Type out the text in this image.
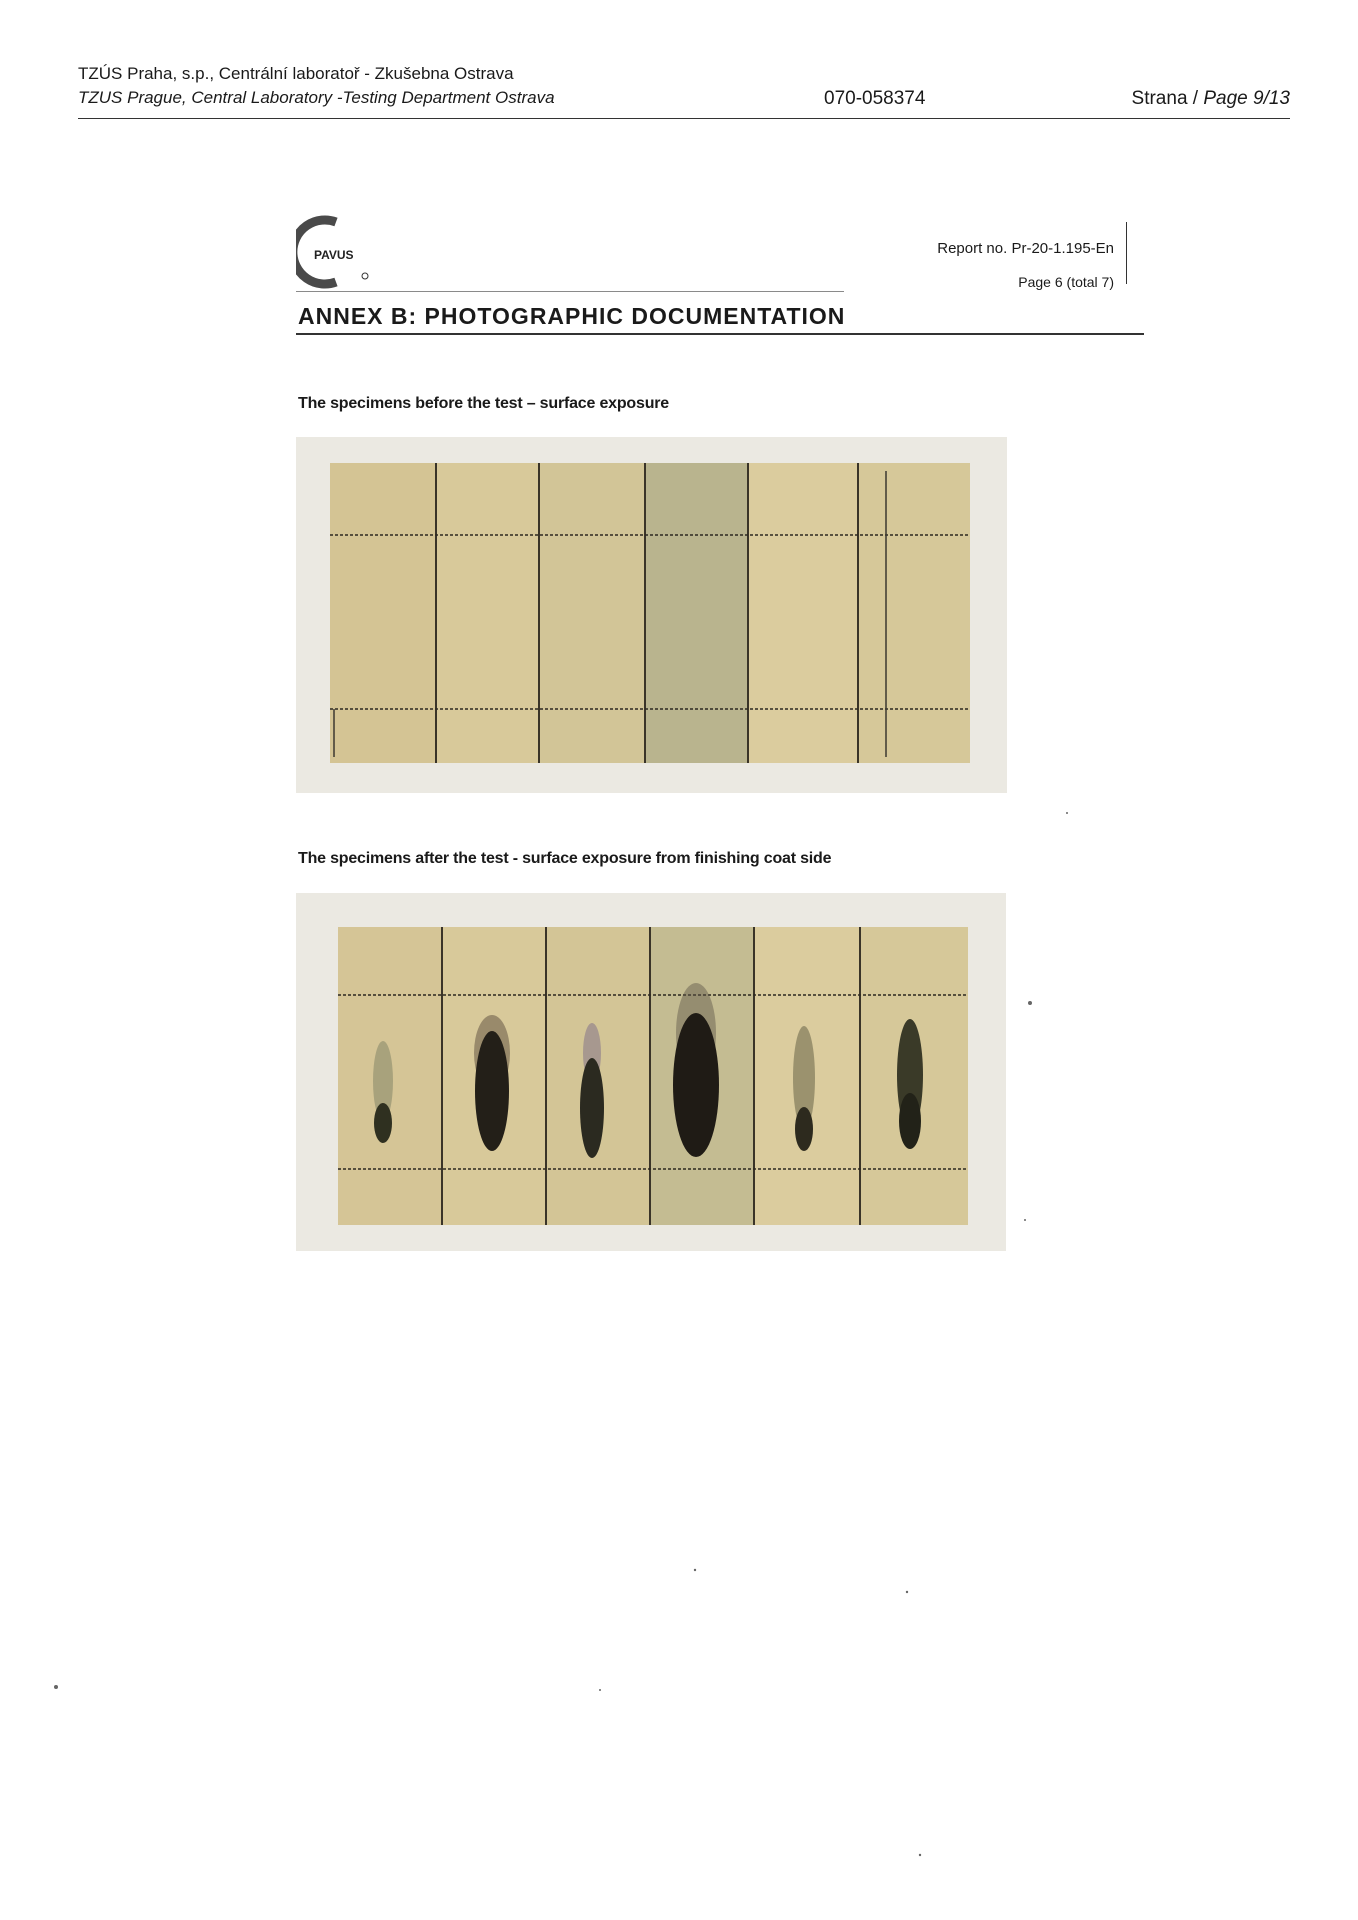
TZÚS Praha, s.p., Centrální laboratoř - Zkušebna Ostrava
TZUS Prague, Central Laboratory -Testing Department Ostrava	070-058374	Strana / Page 9/13
PAVUS	Report no. Pr-20-1.195-En
Page 6 (total 7)
ANNEX B: PHOTOGRAPHIC DOCUMENTATION
The specimens before the test – surface exposure
The specimens after the test - surface exposure from finishing coat side
